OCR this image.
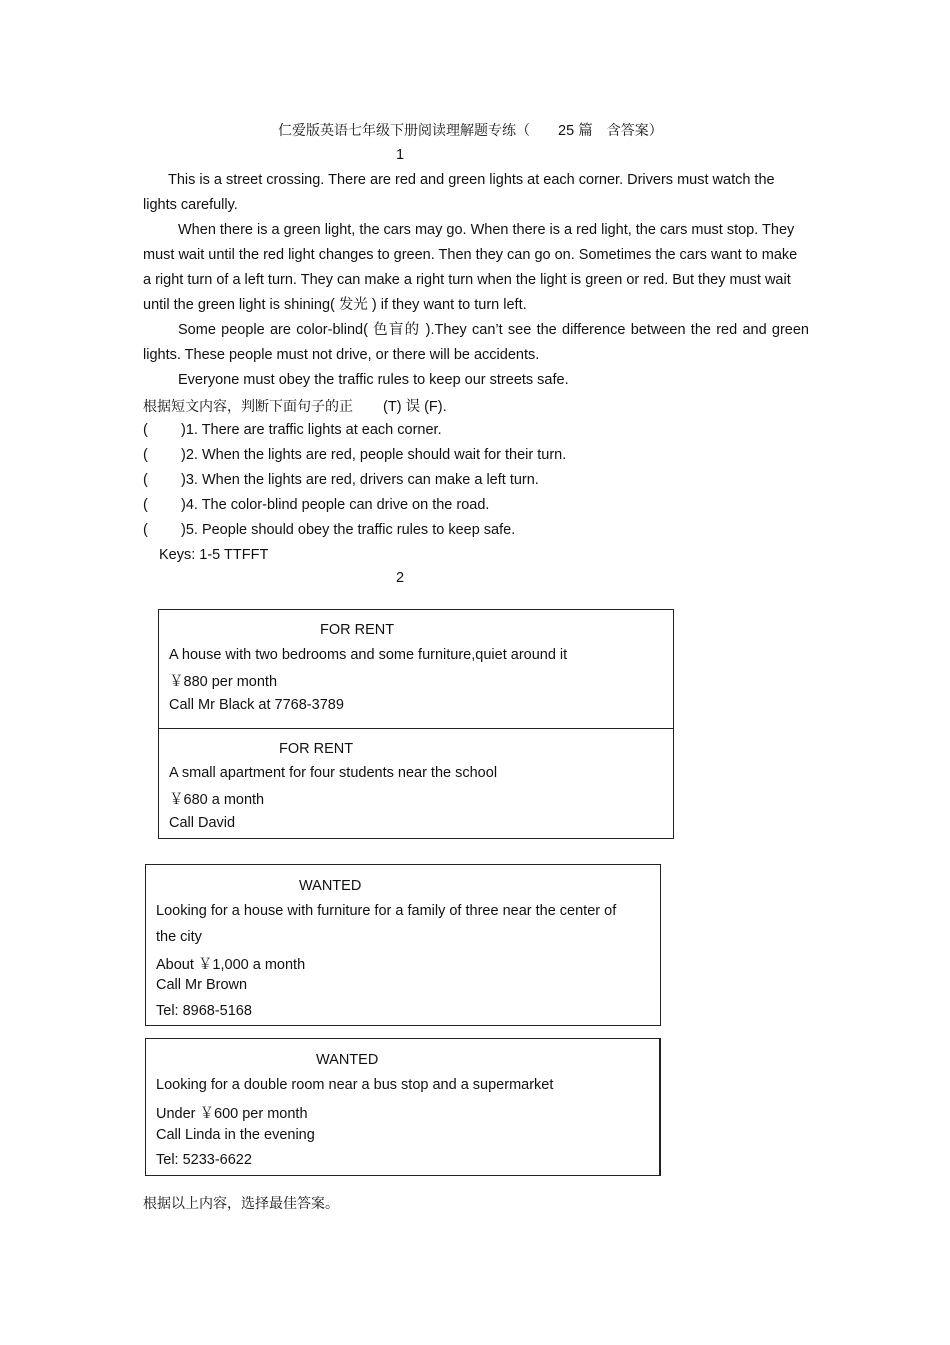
仁爱版英语七年级下册阅读理解题专练（ 25 篇 含答案）
1
This is a street crossing. There are red and green lights at each corner. Drivers must watch the lights carefully.
When there is a green light, the cars may go. When there is a red light, the cars must stop. They must wait until the red light changes to green. Then they can go on. Sometimes the cars want to make a right turn of a left turn. They can make a right turn when the light is green or red. But they must wait until the green light is shining( 发光 ) if they want to turn left.
Some people are color-blind( 色盲的 ).They can’t see the difference between the red and green lights. These people must not drive, or there will be accidents.
Everyone must obey the traffic rules to keep our streets safe.
根据短文内容，判断下面句子的正 (T) 误 (F).
( )1. There are traffic lights at each corner.
( )2. When the lights are red, people should wait for their turn.
( )3. When the lights are red, drivers can make a left turn.
( )4. The color-blind people can drive on the road.
( )5. People should obey the traffic rules to keep safe.
Keys: 1-5 TTFFT
2
FOR RENT
A house with two bedrooms and some furniture,quiet around it
￥880 per month
Call Mr Black at 7768-3789
FOR RENT
A small apartment for four students near the school
￥680 a month
Call David
WANTED
Looking for a house with furniture for a family of three near the center of
the city
About ￥1,000 a month
Call Mr Brown
Tel: 8968-5168
WANTED
Looking for a double room near a bus stop and a supermarket
Under ￥600 per month
Call Linda in the evening
Tel: 5233-6622
根据以上内容，选择最佳答案。
